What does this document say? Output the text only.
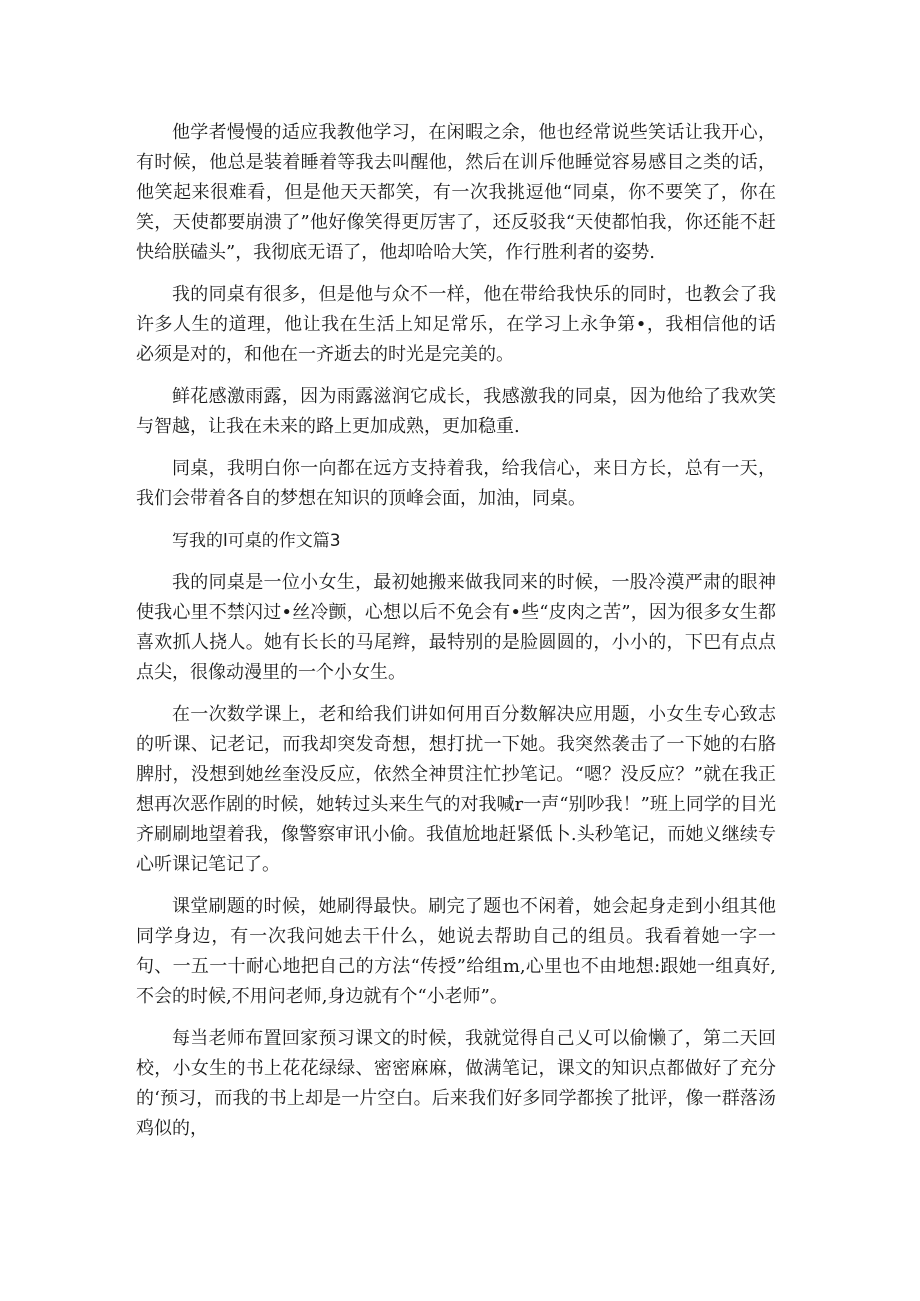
他学者慢慢的适应我教他学习，在闲暇之余，他也经常说些笑话让我开心，有时候，他总是装着睡着等我去叫醒他，然后在训斥他睡觉容易感目之类的话，他笑起来很难看，但是他天天都笑，有一次我挑逗他“同桌，你不要笑了，你在笑，天使都要崩溃了”他好像笑得更厉害了，还反驳我“天使都怕我，你还能不赶快给朕磕头”，我彻底无语了，他却哈哈大笑，作行胜利者的姿势.

我的同桌有很多，但是他与众不一样，他在带给我快乐的同时，也教会了我许多人生的道理，他让我在生活上知足常乐，在学习上永争第•，我相信他的话必须是对的，和他在一齐逝去的时光是完美的。

鲜花感激雨露，因为雨露滋润它成长，我感激我的同桌，因为他给了我欢笑与智越，让我在未来的路上更加成熟，更加稳重.

同桌，我明白你一向都在远方支持着我，给我信心，来日方长，总有一天，我们会带着各自的梦想在知识的顶峰会面，加油，同桌。

写我的l可桌的作文篇3

我的同桌是一位小女生，最初她搬来做我同来的时候，一股冷漠严肃的眼神使我心里不禁闪过•丝冷颤，心想以后不免会有•些“皮肉之苦”，因为很多女生都喜欢抓人挠人。她有长长的马尾辫，最特别的是脸圆圆的，小小的，下巴有点点点尖，很像动漫里的一个小女生。

在一次数学课上，老和给我们讲如何用百分数解决应用题，小女生专心致志的听课、记老记，而我却突发奇想，想打扰一下她。我突然袭击了一下她的右胳脾肘，没想到她丝奎没反应，依然全神贯注忙抄笔记。“嗯？没反应？”就在我正想再次恶作剧的时候，她转过头来生气的对我喊r一声“别吵我！”班上同学的目光齐刷刷地望着我，像警察审讯小偷。我值尬地赶紧低卜.头秒笔记，而她义继续专心听课记笔记了。

课堂刷题的时候，她刷得最快。刷完了题也不闲着，她会起身走到小组其他同学身边，有一次我问她去干什么，她说去帮助自己的组员。我看着她一字一句、一五一十耐心地把自己的方法“传授”给组m,心里也不由地想:跟她一组真好,不会的时候,不用问老师,身边就有个“小老师”。

每当老师布置回家预习课文的时候，我就觉得自己乂可以偷懒了，第二天回校，小女生的书上花花绿绿、密密麻麻，做满笔记，课文的知识点都做好了充分的‘预习，而我的书上却是一片空白。后来我们好多同学都挨了批评，像一群落汤鸡似的，
